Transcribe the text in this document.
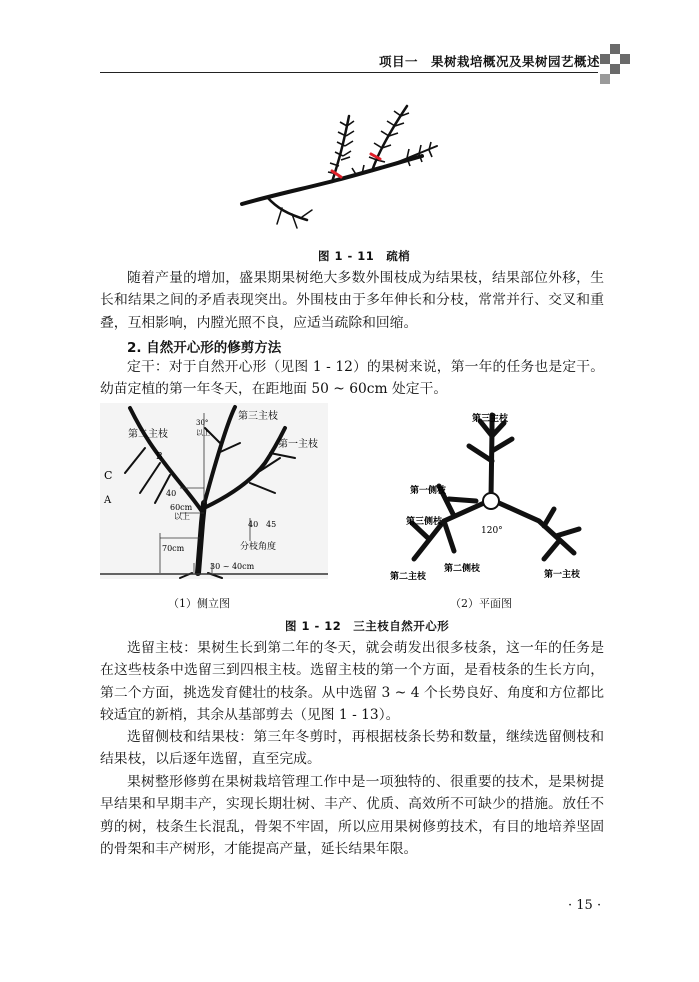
项目一　果树栽培概况及果树园艺概述
图 1 - 11　疏梢

随着产量的增加，盛果期果树绝大多数外围枝成为结果枝，结果部位外移，生长和结果之间的矛盾表现突出。外围枝由于多年伸长和分枝，常常并行、交叉和重叠，互相影响，内膛光照不良，应适当疏除和回缩。

2. 自然开心形的修剪方法

定干：对于自然开心形（见图 1 - 12）的果树来说，第一年的任务也是定干。幼苗定植的第一年冬天，在距地面 50 ~ 60cm 处定干。

第三主枝
第二主枝
第一主枝
30°
以上
C
B
A
40
60cm
以上
40 45
分枝角度
70cm
30 ~ 40cm
（1）侧立图
第三主枝
第一侧枝
第三侧枝
120°
第二主枝
第二侧枝
第一主枝
（2）平面图
图 1 - 12　三主枝自然开心形

选留主枝：果树生长到第二年的冬天，就会萌发出很多枝条，这一年的任务是在这些枝条中选留三到四根主枝。选留主枝的第一个方面，是看枝条的生长方向，第二个方面，挑选发育健壮的枝条。从中选留 3 ~ 4 个长势良好、角度和方位都比较适宜的新梢，其余从基部剪去（见图 1 - 13）。

选留侧枝和结果枝：第三年冬剪时，再根据枝条长势和数量，继续选留侧枝和结果枝，以后逐年选留，直至完成。

果树整形修剪在果树栽培管理工作中是一项独特的、很重要的技术，是果树提早结果和早期丰产，实现长期壮树、丰产、优质、高效所不可缺少的措施。放任不剪的树，枝条生长混乱，骨架不牢固，所以应用果树修剪技术，有目的地培养坚固的骨架和丰产树形，才能提高产量，延长结果年限。

· 15 ·
